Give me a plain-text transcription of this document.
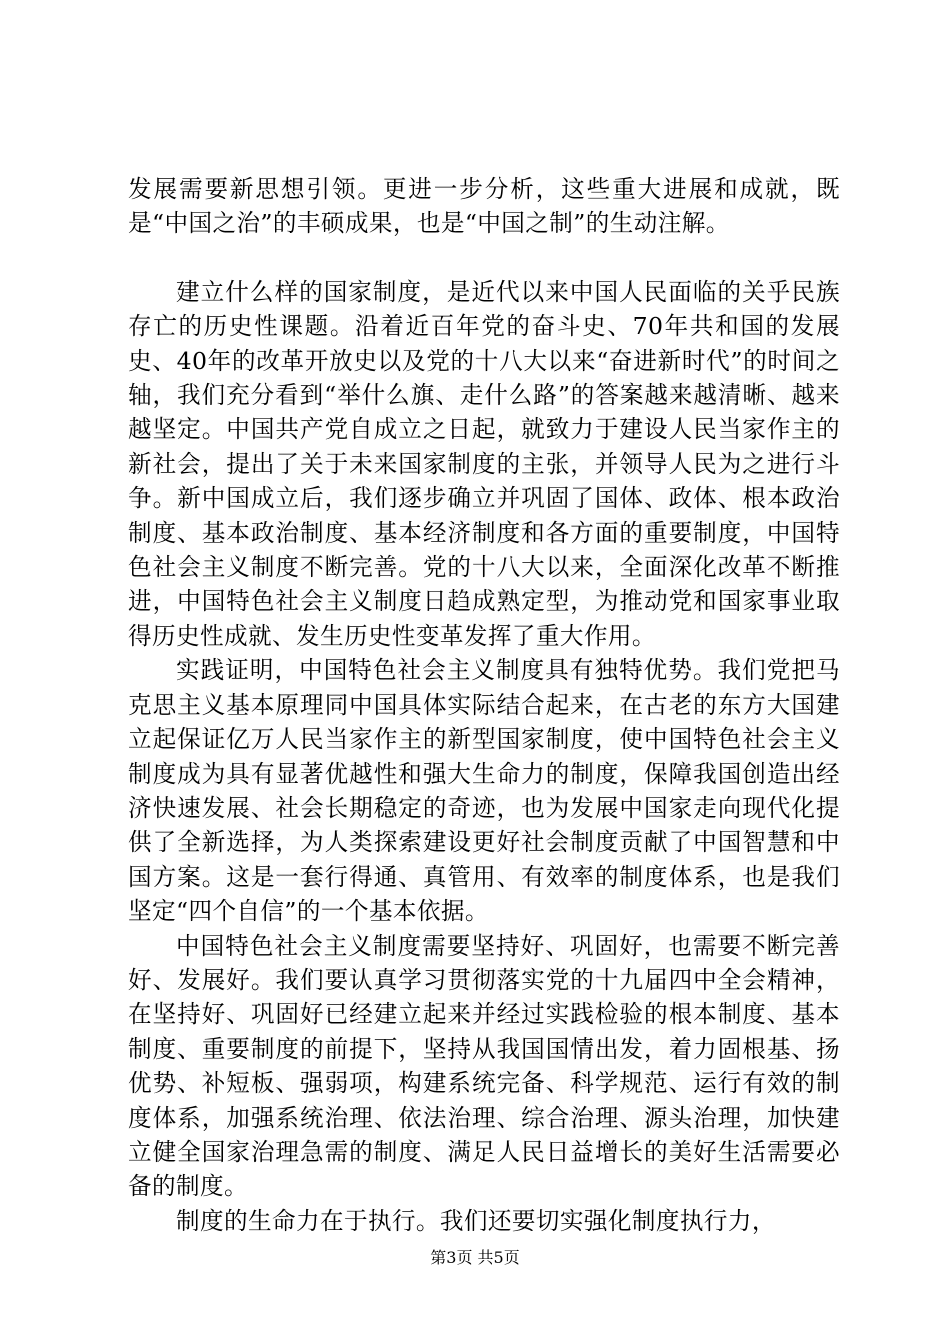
发展需要新思想引领。更进一步分析，这些重大进展和成就，既是“中国之治”的丰硕成果，也是“中国之制”的生动注解。

建立什么样的国家制度，是近代以来中国人民面临的关乎民族存亡的历史性课题。沿着近百年党的奋斗史、70年共和国的发展史、40年的改革开放史以及党的十八大以来“奋进新时代”的时间之轴，我们充分看到“举什么旗、走什么路”的答案越来越清晰、越来越坚定。中国共产党自成立之日起，就致力于建设人民当家作主的新社会，提出了关于未来国家制度的主张，并领导人民为之进行斗争。新中国成立后，我们逐步确立并巩固了国体、政体、根本政治制度、基本政治制度、基本经济制度和各方面的重要制度，中国特色社会主义制度不断完善。党的十八大以来，全面深化改革不断推进，中国特色社会主义制度日趋成熟定型，为推动党和国家事业取得历史性成就、发生历史性变革发挥了重大作用。

实践证明，中国特色社会主义制度具有独特优势。我们党把马克思主义基本原理同中国具体实际结合起来，在古老的东方大国建立起保证亿万人民当家作主的新型国家制度，使中国特色社会主义制度成为具有显著优越性和强大生命力的制度，保障我国创造出经济快速发展、社会长期稳定的奇迹，也为发展中国家走向现代化提供了全新选择，为人类探索建设更好社会制度贡献了中国智慧和中国方案。这是一套行得通、真管用、有效率的制度体系，也是我们坚定“四个自信”的一个基本依据。

中国特色社会主义制度需要坚持好、巩固好，也需要不断完善好、发展好。我们要认真学习贯彻落实党的十九届四中全会精神，在坚持好、巩固好已经建立起来并经过实践检验的根本制度、基本制度、重要制度的前提下，坚持从我国国情出发，着力固根基、扬优势、补短板、强弱项，构建系统完备、科学规范、运行有效的制度体系，加强系统治理、依法治理、综合治理、源头治理，加快建立健全国家治理急需的制度、满足人民日益增长的美好生活需要必备的制度。

制度的生命力在于执行。我们还要切实强化制度执行力，

第3页 共5页
